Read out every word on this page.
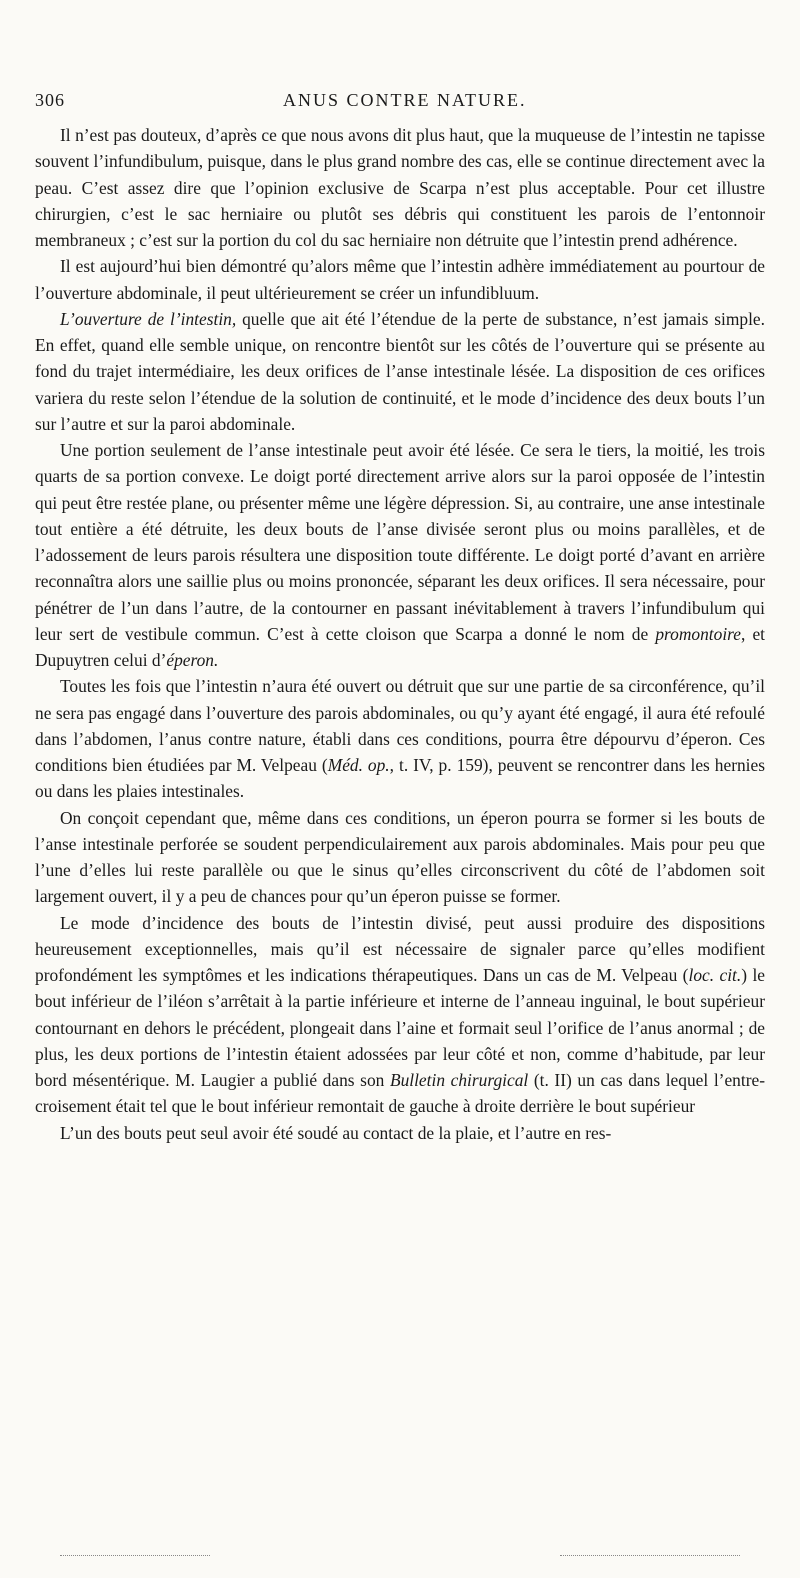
306	ANUS CONTRE NATURE.

Il n’est pas douteux, d’après ce que nous avons dit plus haut, que la muqueuse de l’intestin ne tapisse souvent l’infundibulum, puisque, dans le plus grand nombre des cas, elle se continue directement avec la peau. C’est assez dire que l’opinion exclusive de Scarpa n’est plus acceptable. Pour cet illustre chirurgien, c’est le sac herniaire ou plutôt ses débris qui constituent les parois de l’entonnoir membraneux ; c’est sur la portion du col du sac herniaire non détruite que l’intestin prend adhérence.

Il est aujourd’hui bien démontré qu’alors même que l’intestin adhère immédiatement au pourtour de l’ouverture abdominale, il peut ultérieurement se créer un infundibluum.

L’ouverture de l’intestin, quelle que ait été l’étendue de la perte de substance, n’est jamais simple. En effet, quand elle semble unique, on rencontre bientôt sur les côtés de l’ouverture qui se présente au fond du trajet intermédiaire, les deux orifices de l’anse intestinale lésée. La disposition de ces orifices variera du reste selon l’étendue de la solution de continuité, et le mode d’incidence des deux bouts l’un sur l’autre et sur la paroi abdominale.

Une portion seulement de l’anse intestinale peut avoir été lésée. Ce sera le tiers, la moitié, les trois quarts de sa portion convexe. Le doigt porté directement arrive alors sur la paroi opposée de l’intestin qui peut être restée plane, ou présenter même une légère dépression. Si, au contraire, une anse intestinale tout entière a été détruite, les deux bouts de l’anse divisée seront plus ou moins parallèles, et de l’adossement de leurs parois résultera une disposition toute différente. Le doigt porté d’avant en arrière reconnaîtra alors une saillie plus ou moins prononcée, séparant les deux orifices. Il sera nécessaire, pour pénétrer de l’un dans l’autre, de la contourner en passant inévitablement à travers l’infundibulum qui leur sert de vestibule commun. C’est à cette cloison que Scarpa a donné le nom de promontoire, et Dupuytren celui d’éperon.

Toutes les fois que l’intestin n’aura été ouvert ou détruit que sur une partie de sa circonférence, qu’il ne sera pas engagé dans l’ouverture des parois abdominales, ou qu’y ayant été engagé, il aura été refoulé dans l’abdomen, l’anus contre nature, établi dans ces conditions, pourra être dépourvu d’éperon. Ces conditions bien étudiées par M. Velpeau (Méd. op., t. IV, p. 159), peuvent se rencontrer dans les hernies ou dans les plaies intestinales.

On conçoit cependant que, même dans ces conditions, un éperon pourra se former si les bouts de l’anse intestinale perforée se soudent perpendiculairement aux parois abdominales. Mais pour peu que l’une d’elles lui reste parallèle ou que le sinus qu’elles circonscrivent du côté de l’abdomen soit largement ouvert, il y a peu de chances pour qu’un éperon puisse se former.

Le mode d’incidence des bouts de l’intestin divisé, peut aussi produire des dispositions heureusement exceptionnelles, mais qu’il est nécessaire de signaler parce qu’elles modifient profondément les symptômes et les indications thérapeutiques. Dans un cas de M. Velpeau (loc. cit.) le bout inférieur de l’iléon s’arrêtait à la partie inférieure et interne de l’anneau inguinal, le bout supérieur contournant en dehors le précédent, plongeait dans l’aine et formait seul l’orifice de l’anus anormal ; de plus, les deux portions de l’intestin étaient adossées par leur côté et non, comme d’habitude, par leur bord mésentérique. M. Laugier a publié dans son Bulletin chirurgical (t. II) un cas dans lequel l’entre-croisement était tel que le bout inférieur remontait de gauche à droite derrière le bout supérieur

L’un des bouts peut seul avoir été soudé au contact de la plaie, et l’autre en res-
